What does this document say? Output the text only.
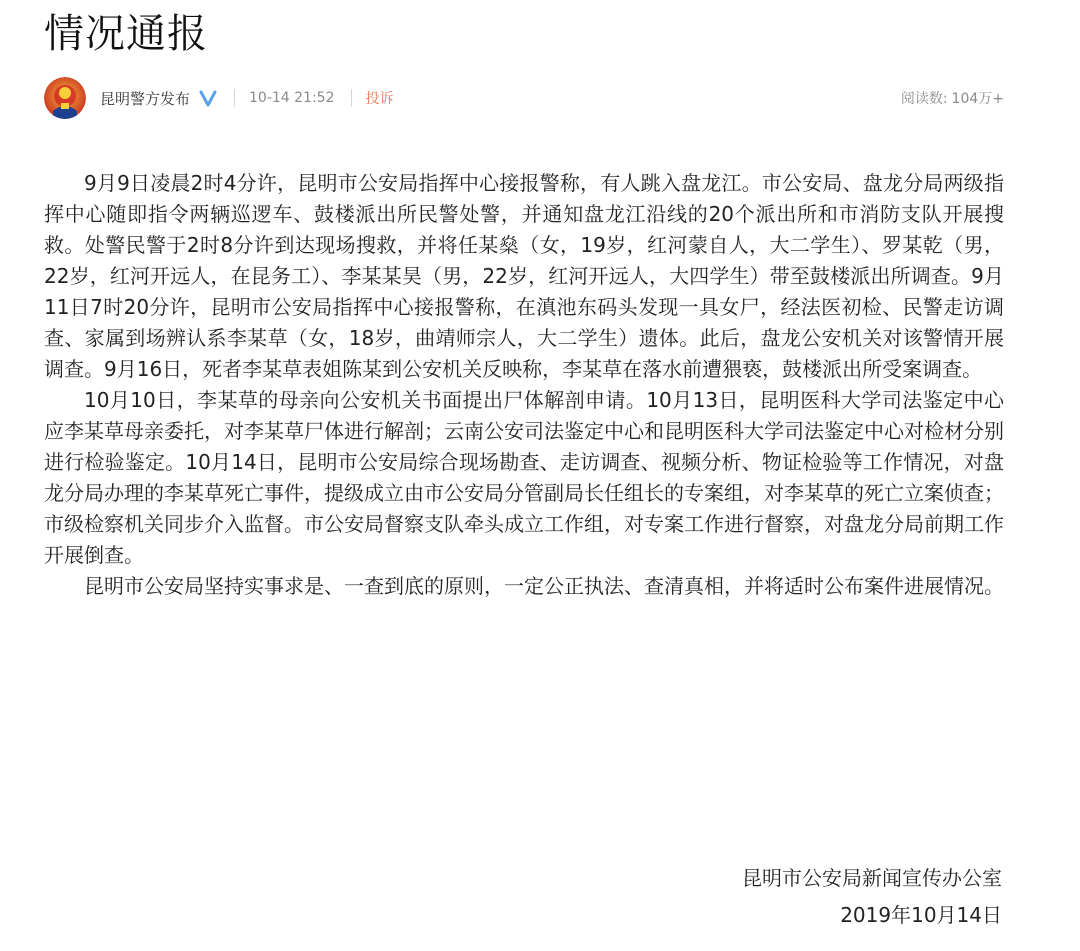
情况通报
昆明警方发布	10-14 21:52 投诉	阅读数: 104万+

9月9日凌晨2时4分许，昆明市公安局指挥中心接报警称，有人跳入盘龙江。市公安局、盘龙分局两级指挥中心随即指令两辆巡逻车、鼓楼派出所民警处警，并通知盘龙江沿线的20个派出所和市消防支队开展搜救。处警民警于2时8分许到达现场搜救，并将任某燊（女，19岁，红河蒙自人，大二学生）、罗某乾（男，22岁，红河开远人，在昆务工）、李某某昊（男，22岁，红河开远人，大四学生）带至鼓楼派出所调查。9月11日7时20分许，昆明市公安局指挥中心接报警称，在滇池东码头发现一具女尸，经法医初检、民警走访调查、家属到场辨认系李某草（女，18岁，曲靖师宗人，大二学生）遗体。此后，盘龙公安机关对该警情开展调查。9月16日，死者李某草表姐陈某到公安机关反映称，李某草在落水前遭猥亵，鼓楼派出所受案调查。

10月10日，李某草的母亲向公安机关书面提出尸体解剖申请。10月13日，昆明医科大学司法鉴定中心应李某草母亲委托，对李某草尸体进行解剖；云南公安司法鉴定中心和昆明医科大学司法鉴定中心对检材分别进行检验鉴定。10月14日，昆明市公安局综合现场勘查、走访调查、视频分析、物证检验等工作情况，对盘龙分局办理的李某草死亡事件，提级成立由市公安局分管副局长任组长的专案组，对李某草的死亡立案侦查；市级检察机关同步介入监督。市公安局督察支队牵头成立工作组，对专案工作进行督察，对盘龙分局前期工作开展倒查。

昆明市公安局坚持实事求是、一查到底的原则，一定公正执法、查清真相，并将适时公布案件进展情况。

昆明市公安局新闻宣传办公室
2019年10月14日
